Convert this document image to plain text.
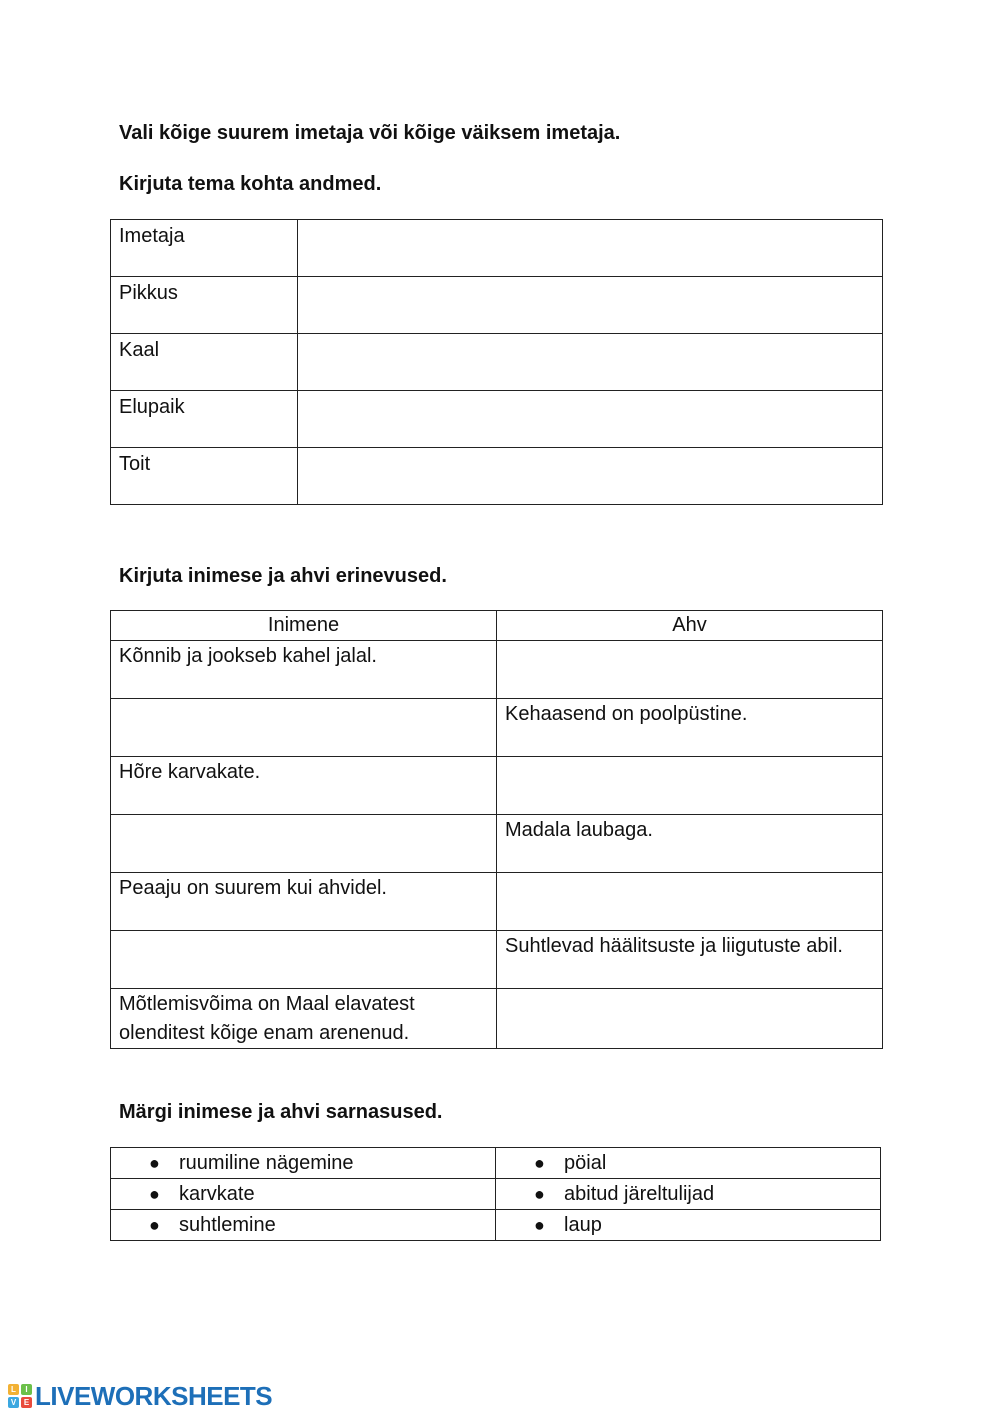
Vali kõige suurem imetaja või kõige väiksem imetaja.
Kirjuta tema kohta andmed.
Imetaja	
Pikkus	
Kaal	
Elupaik	
Toit	
Kirjuta inimese ja ahvi erinevused.
Inimene	Ahv
Kõnnib ja jookseb kahel jalal.	
	Kehaasend on poolpüstine.
Hõre karvakate.	
	Madala laubaga.
Peaaju on suurem kui ahvidel.	
	Suhtlevad häälitsuste ja liigutuste abil.
Mõtlemisvõima on Maal elavatest olenditest kõige enam arenenud.	
Märgi inimese ja ahvi sarnasused.
● ruumiline nägemine	● pöial
● karvkate	● abitud järeltulijad
● suhtlemine	● laup
L	I
V E LIVEWORKSHEETS
